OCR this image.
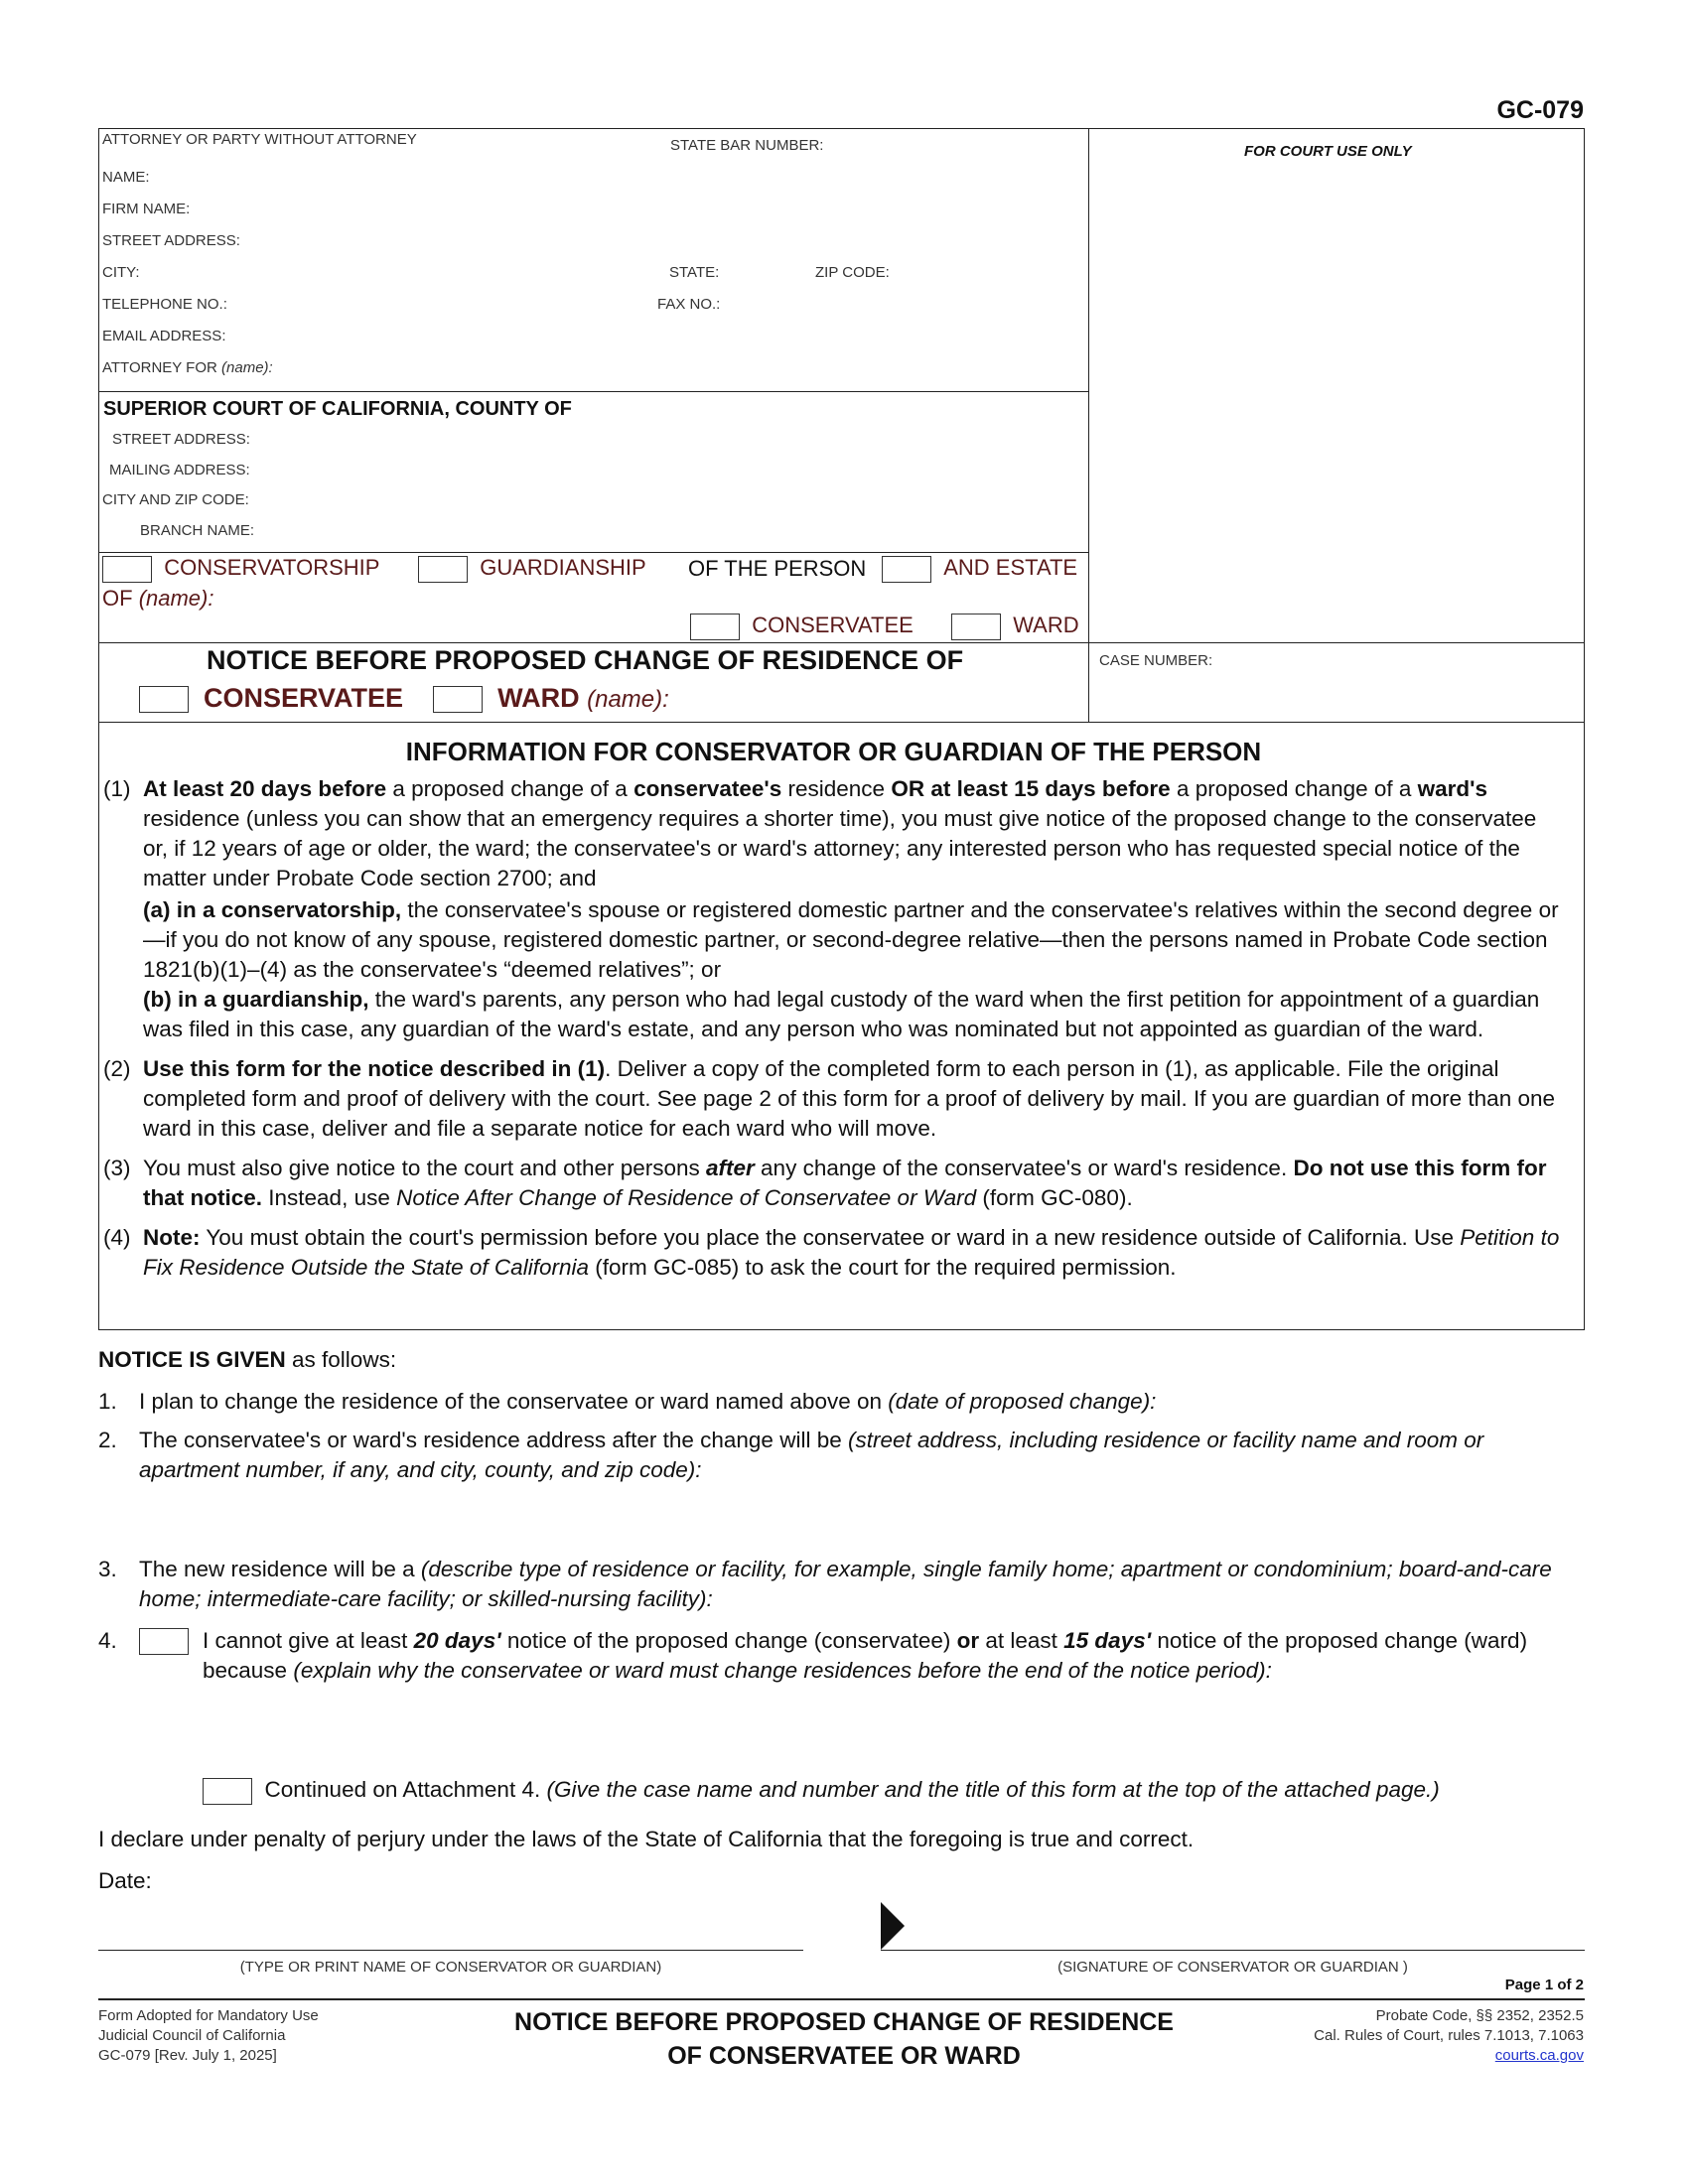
GC-079
ATTORNEY OR PARTY WITHOUT ATTORNEY	STATE BAR NUMBER:
NAME:
FIRM NAME:
STREET ADDRESS:
CITY:	STATE:	ZIP CODE:
TELEPHONE NO.:	FAX NO.:
EMAIL ADDRESS:
ATTORNEY FOR (name):
FOR COURT USE ONLY
SUPERIOR COURT OF CALIFORNIA, COUNTY OF
STREET ADDRESS:
MAILING ADDRESS:
CITY AND ZIP CODE:
BRANCH NAME:
CONSERVATORSHIP	GUARDIANSHIP OF THE PERSON	AND ESTATE
OF (name):
CONSERVATEE	WARD
NOTICE BEFORE PROPOSED CHANGE OF RESIDENCE OF
CONSERVATEE	WARD (name):
CASE NUMBER:
INFORMATION FOR CONSERVATOR OR GUARDIAN OF THE PERSON
(1) At least 20 days before a proposed change of a conservatee's residence OR at least 15 days before a proposed change of a ward's residence (unless you can show that an emergency requires a shorter time), you must give notice of the proposed change to the conservatee or, if 12 years of age or older, the ward; the conservatee's or ward's attorney; any interested person who has requested special notice of the matter under Probate Code section 2700; and
(a) in a conservatorship, the conservatee's spouse or registered domestic partner and the conservatee's relatives within the second degree or—if you do not know of any spouse, registered domestic partner, or second-degree relative—then the persons named in Probate Code section 1821(b)(1)–(4) as the conservatee's “deemed relatives”; or
(b) in a guardianship, the ward's parents, any person who had legal custody of the ward when the first petition for appointment of a guardian was filed in this case, any guardian of the ward's estate, and any person who was nominated but not appointed as guardian of the ward.
(2) Use this form for the notice described in (1). Deliver a copy of the completed form to each person in (1), as applicable. File the original completed form and proof of delivery with the court. See page 2 of this form for a proof of delivery by mail. If you are guardian of more than one ward in this case, deliver and file a separate notice for each ward who will move.
(3) You must also give notice to the court and other persons after any change of the conservatee's or ward's residence. Do not use this form for that notice. Instead, use Notice After Change of Residence of Conservatee or Ward (form GC-080).
(4) Note: You must obtain the court's permission before you place the conservatee or ward in a new residence outside of California. Use Petition to Fix Residence Outside the State of California (form GC-085) to ask the court for the required permission.
NOTICE IS GIVEN as follows:
1. I plan to change the residence of the conservatee or ward named above on (date of proposed change):
2. The conservatee's or ward's residence address after the change will be (street address, including residence or facility name and room or apartment number, if any, and city, county, and zip code):
3. The new residence will be a (describe type of residence or facility, for example, single family home; apartment or condominium; board-and-care home; intermediate-care facility; or skilled-nursing facility):
4.	I cannot give at least 20 days' notice of the proposed change (conservatee) or at least 15 days' notice of the proposed change (ward) because (explain why the conservatee or ward must change residences before the end of the notice period):
Continued on Attachment 4. (Give the case name and number and the title of this form at the top of the attached page.)
I declare under penalty of perjury under the laws of the State of California that the foregoing is true and correct.
Date:
(TYPE OR PRINT NAME OF CONSERVATOR OR GUARDIAN)	(SIGNATURE OF CONSERVATOR OR GUARDIAN )
Page 1 of 2
Form Adopted for Mandatory Use
Judicial Council of California
GC-079 [Rev. July 1, 2025]
NOTICE BEFORE PROPOSED CHANGE OF RESIDENCE
OF CONSERVATEE OR WARD
Probate Code, §§ 2352, 2352.5
Cal. Rules of Court, rules 7.1013, 7.1063
courts.ca.gov
